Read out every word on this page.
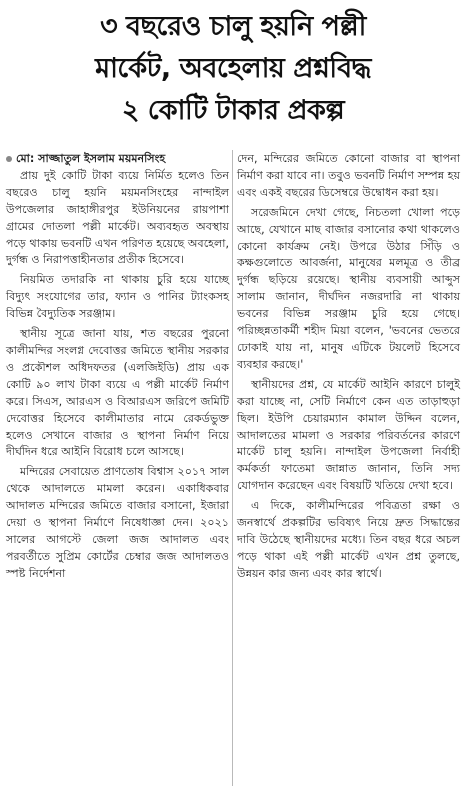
৩ বছরেও চালু হয়নি পল্লী
মার্কেট, অবহেলায় প্রশ্নবিদ্ধ
২ কোটি টাকার প্রকল্প
মো: সাজ্জাতুল ইসলাম ময়মনসিংহ

প্রায় দুই কোটি টাকা ব্যয়ে নির্মিত হলেও তিন বছরেও চালু হয়নি ময়মনসিংহের নান্দাইল উপজেলার জাহাঙ্গীরপুর ইউনিয়নের রায়পাশা গ্রামের দোতলা পল্লী মার্কেট। অব্যবহৃত অবস্থায় পড়ে থাকায় ভবনটি এখন পরিণত হয়েছে অবহেলা, দুর্গন্ধ ও নিরাপত্তাহীনতার প্রতীক হিসেবে।

নিয়মিত তদারকি না থাকায় চুরি হয়ে যাচ্ছে বিদ্যুৎ সংযোগের তার, ফ্যান ও পানির ট্যাংকসহ বিভিন্ন বৈদ্যুতিক সরঞ্জাম।

স্থানীয় সূত্রে জানা যায়, শত বছরের পুরনো কালীমন্দির সংলগ্ন দেবোত্তর জমিতে স্থানীয় সরকার ও প্রকৌশল অধিদফতর (এলজিইডি) প্রায় এক কোটি ৯০ লাখ টাকা ব্যয়ে এ পল্লী মার্কেট নির্মাণ করে। সিএস, আরএস ও বিআরএস জরিপে জমিটি দেবোত্তর হিসেবে কালীমাতার নামে রেকর্ডভুক্ত হলেও সেখানে বাজার ও স্থাপনা নির্মাণ নিয়ে দীর্ঘদিন ধরে আইনি বিরোধ চলে আসছে।

মন্দিরের সেবায়েত প্রাণতোষ বিশ্বাস ২০১৭ সাল থেকে আদালতে মামলা করেন। একাধিকবার আদালত মন্দিরের জমিতে বাজার বসানো, ইজারা দেয়া ও স্থাপনা নির্মাণে নিষেধাজ্ঞা দেন। ২০২১ সালের আগস্টে জেলা জজ আদালত এবং পরবর্তীতে সুপ্রিম কোর্টের চেম্বার জজ আদালতও স্পষ্ট নির্দেশনা

দেন, মন্দিরের জমিতে কোনো বাজার বা স্থাপনা নির্মাণ করা যাবে না। তবুও ভবনটি নির্মাণ সম্পন্ন হয় এবং একই বছরের ডিসেম্বরে উদ্বোধন করা হয়।

সরেজমিনে দেখা গেছে, নিচতলা খোলা পড়ে আছে, যেখানে মাছ বাজার বসানোর কথা থাকলেও কোনো কার্যক্রম নেই। উপরে উঠার সিঁড়ি ও কক্ষগুলোতে আবর্জনা, মানুষের মলমূত্র ও তীব্র দুর্গন্ধ ছড়িয়ে রয়েছে। স্থানীয় ব্যবসায়ী আব্দুস সালাম জানান, দীর্ঘদিন নজরদারি না থাকায় ভবনের বিভিন্ন সরঞ্জাম চুরি হয়ে গেছে। পরিচ্ছন্নতাকর্মী শহীদ মিয়া বলেন, 'ভবনের ভেতরে ঢোকাই যায় না, মানুষ এটিকে টয়লেট হিসেবে ব্যবহার করছে।'

স্থানীয়দের প্রশ্ন, যে মার্কেট আইনি কারণে চালুই করা যাচ্ছে না, সেটি নির্মাণে কেন এত তাড়াহুড়া ছিল। ইউপি চেয়ারম্যান কামাল উদ্দিন বলেন, আদালতের মামলা ও সরকার পরিবর্তনের কারণে মার্কেট চালু হয়নি। নান্দাইল উপজেলা নির্বাহী কর্মকর্তা ফাতেমা জান্নাত জানান, তিনি সদ্য যোগদান করেছেন এবং বিষয়টি খতিয়ে দেখা হবে।

এ দিকে, কালীমন্দিরের পবিত্রতা রক্ষা ও জনস্বার্থে প্রকল্পটির ভবিষ্যৎ নিয়ে দ্রুত সিদ্ধান্তের দাবি উঠেছে স্থানীয়দের মধ্যে। তিন বছর ধরে অচল পড়ে থাকা এই পল্লী মার্কেট এখন প্রশ্ন তুলছে, উন্নয়ন কার জন্য এবং কার স্বার্থে।
